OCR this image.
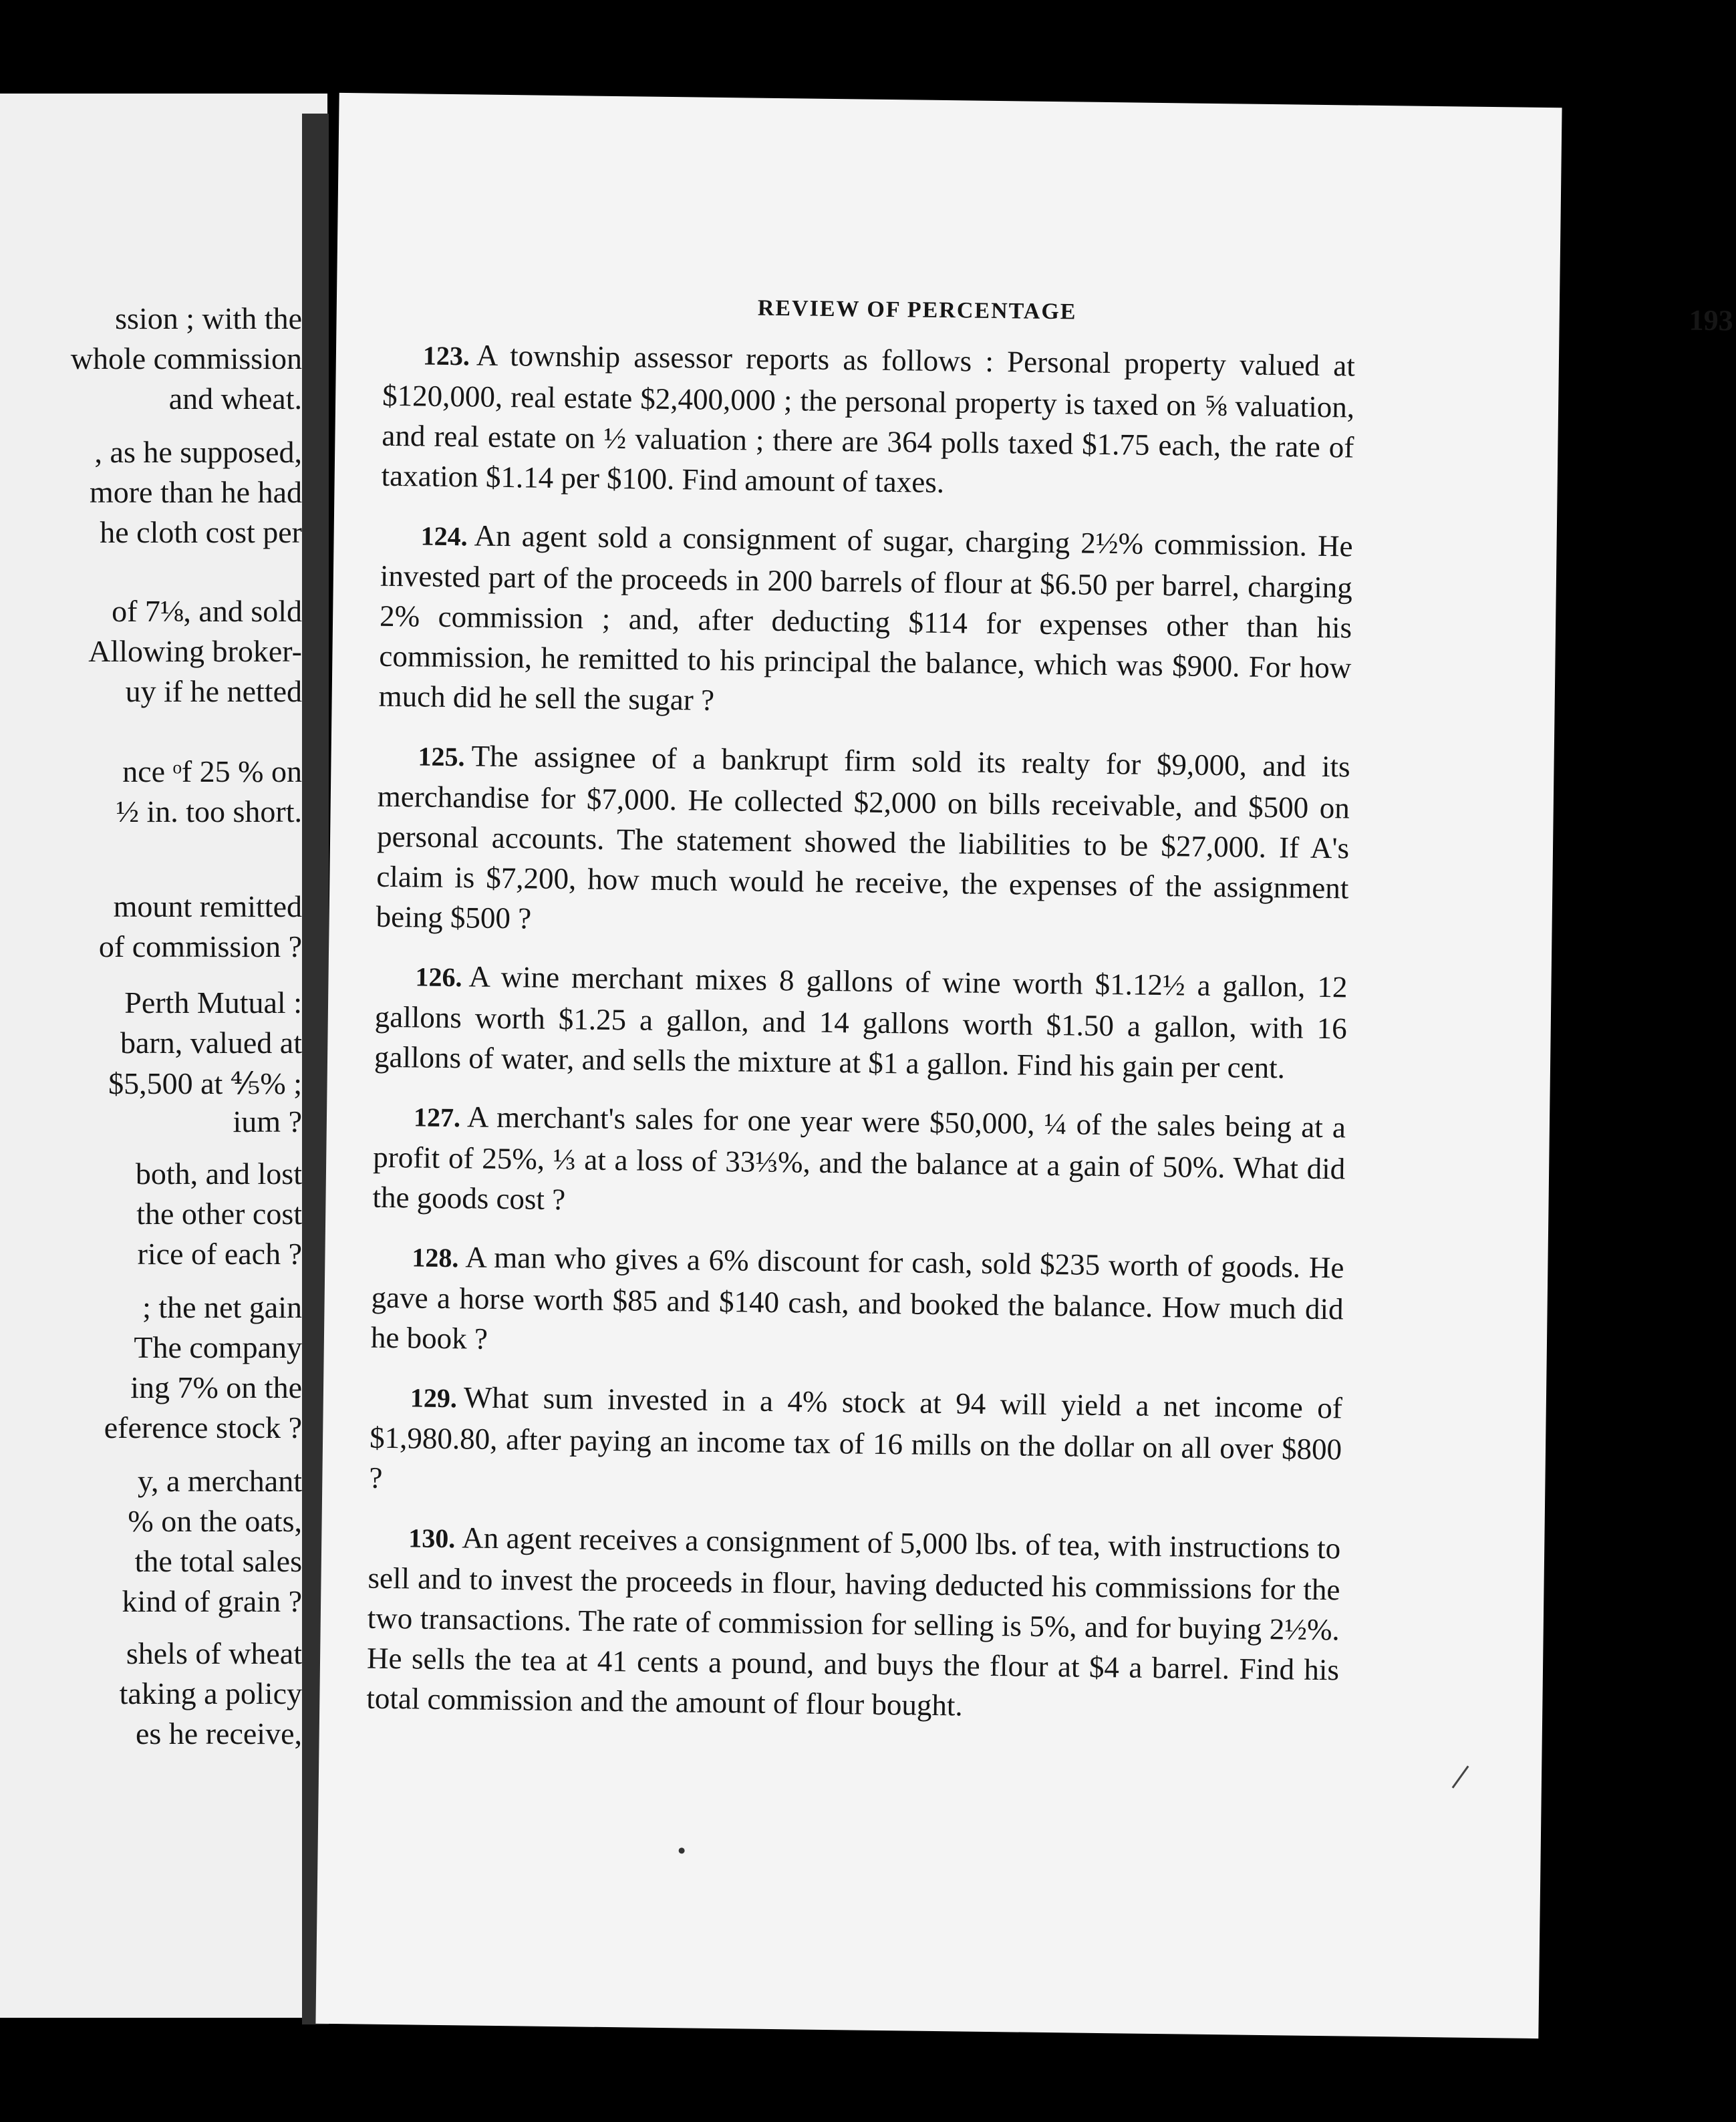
ssion ; with the
whole commission
and wheat.
, as he supposed,
more than he had
he cloth cost per
of 7⅛, and sold
Allowing broker-
uy if he netted
nce ᵒf 25 % on
½ in. too short.
mount remitted
of commission ?
Perth Mutual :
barn, valued at
$5,500 at ⅘% ;
ium ?
both, and lost
the other cost
rice of each ?
; the net gain
The company
ing 7% on the
eference stock ?
y, a merchant
% on the oats,
the total sales
kind of grain ?
shels of wheat
taking a policy
es he receive,
REVIEW OF PERCENTAGE	193

123. A township assessor reports as follows : Personal property valued at $120,000, real estate $2,400,000 ; the personal property is taxed on ⅝ valuation, and real estate on ½ valuation ; there are 364 polls taxed $1.75 each, the rate of taxation $1.14 per $100. Find amount of taxes.

124. An agent sold a consignment of sugar, charging 2½% commission. He invested part of the proceeds in 200 barrels of flour at $6.50 per barrel, charging 2% commission ; and, after deducting $114 for expenses other than his commission, he remitted to his principal the balance, which was $900. For how much did he sell the sugar ?

125. The assignee of a bankrupt firm sold its realty for $9,000, and its merchandise for $7,000. He collected $2,000 on bills receivable, and $500 on personal accounts. The statement showed the liabilities to be $27,000. If A's claim is $7,200, how much would he receive, the expenses of the assignment being $500 ?

126. A wine merchant mixes 8 gallons of wine worth $1.12½ a gallon, 12 gallons worth $1.25 a gallon, and 14 gallons worth $1.50 a gallon, with 16 gallons of water, and sells the mixture at $1 a gallon. Find his gain per cent.

127. A merchant's sales for one year were $50,000, ¼ of the sales being at a profit of 25%, ⅓ at a loss of 33⅓%, and the balance at a gain of 50%. What did the goods cost ?

128. A man who gives a 6% discount for cash, sold $235 worth of goods. He gave a horse worth $85 and $140 cash, and booked the balance. How much did he book ?

129. What sum invested in a 4% stock at 94 will yield a net income of $1,980.80, after paying an income tax of 16 mills on the dollar on all over $800 ?

130. An agent receives a consignment of 5,000 lbs. of tea, with instructions to sell and to invest the proceeds in flour, having deducted his commissions for the two transactions. The rate of commission for selling is 5%, and for buying 2½%. He sells the tea at 41 cents a pound, and buys the flour at $4 a barrel. Find his total commission and the amount of flour bought.
